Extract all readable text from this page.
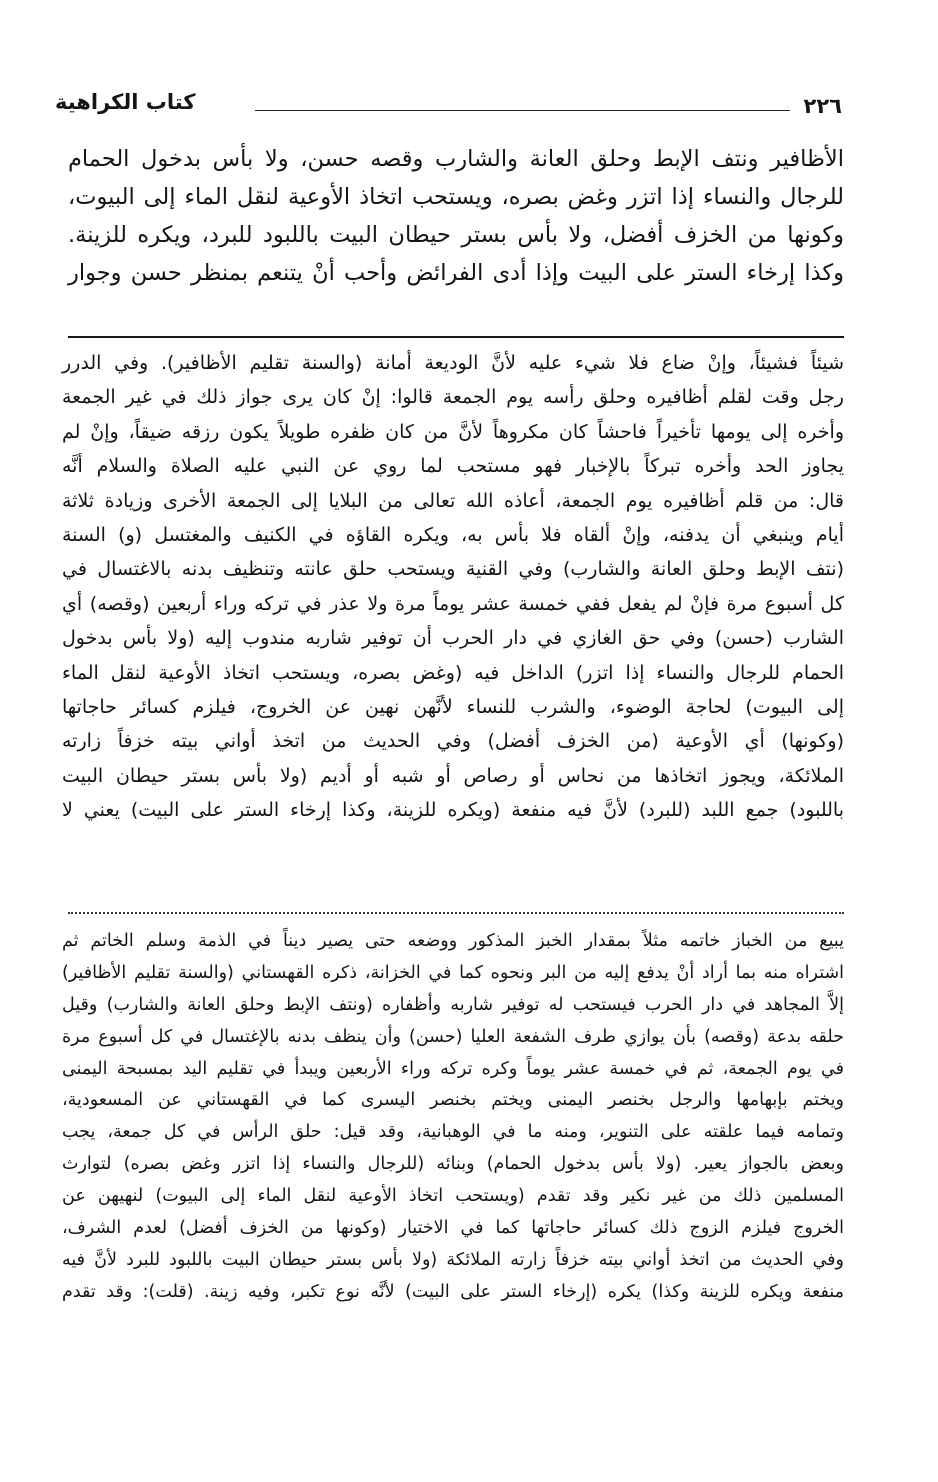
٢٢٦
كتاب الكراهية
الأظافير ونتف الإبط وحلق العانة والشارب وقصه حسن، ولا بأس بدخول الحمام
للرجال والنساء إذا اتزر وغض بصره، ويستحب اتخاذ الأوعية لنقل الماء إلى البيوت،
وكونها من الخزف أفضل، ولا بأس بستر حيطان البيت باللبود للبرد، ويكره للزينة.
وكذا إرخاء الستر على البيت وإذا أدى الفرائض وأحب أنْ يتنعم بمنظر حسن وجوار
شيئاً فشيئاً، وإنْ ضاع فلا شيء عليه لأنَّ الوديعة أمانة (والسنة تقليم الأظافير). وفي الدرر
رجل وقت لقلم أظافيره وحلق رأسه يوم الجمعة قالوا: إنْ كان يرى جواز ذلك في غير الجمعة
وأخره إلى يومها تأخيراً فاحشاً كان مكروهاً لأنَّ من كان ظفره طويلاً يكون رزقه ضيقاً، وإنْ لم
يجاوز الحد وأخره تبركاً بالإخبار فهو مستحب لما روي عن النبي عليه الصلاة والسلام أنَّه
قال: من قلم أظافيره يوم الجمعة، أعاذه الله تعالى من البلايا إلى الجمعة الأخرى وزيادة ثلاثة
أيام وينبغي أن يدفنه، وإنْ ألقاه فلا بأس به، ويكره القاؤه في الكنيف والمغتسل (و) السنة
(نتف الإبط وحلق العانة والشارب) وفي القنية ويستحب حلق عانته وتنظيف بدنه بالاغتسال في
كل أسبوع مرة فإنْ لم يفعل ففي خمسة عشر يوماً مرة ولا عذر في تركه وراء أربعين (وقصه) أي
الشارب (حسن) وفي حق الغازي في دار الحرب أن توفير شاربه مندوب إليه (ولا بأس بدخول
الحمام للرجال والنساء إذا اتزر) الداخل فيه (وغض بصره، ويستحب اتخاذ الأوعية لنقل الماء
إلى البيوت) لحاجة الوضوء، والشرب للنساء لأنَّهن نهين عن الخروج، فيلزم كسائر حاجاتها
(وكونها) أي الأوعية (من الخزف أفضل) وفي الحديث من اتخذ أواني بيته خزفاً زارته
الملائكة، ويجوز اتخاذها من نحاس أو رصاص أو شبه أو أديم (ولا بأس بستر حيطان البيت
باللبود) جمع اللبد (للبرد) لأنَّ فيه منفعة (ويكره للزينة، وكذا إرخاء الستر على البيت) يعني لا
يبيع من الخباز خاتمه مثلاً بمقدار الخبز المذكور ووضعه حتى يصير ديناً في الذمة وسلم الخاتم ثم
اشتراه منه بما أراد أنْ يدفع إليه من البر ونحوه كما في الخزانة، ذكره القهستاني (والسنة تقليم الأظافير)
إلاَّ المجاهد في دار الحرب فيستحب له توفير شاربه وأظفاره (ونتف الإبط وحلق العانة والشارب) وقيل
حلقه بدعة (وقصه) بأن يوازي طرف الشفعة العليا (حسن) وأن ينظف بدنه بالإغتسال في كل أسبوع مرة
في يوم الجمعة، ثم في خمسة عشر يوماً وكره تركه وراء الأربعين ويبدأ في تقليم اليد بمسبحة اليمنى
ويختم بإبهامها والرجل بخنصر اليمنى ويختم بخنصر اليسرى كما في القهستاني عن المسعودية،
وتمامه فيما علقته على التنوير، ومنه ما في الوهبانية، وقد قيل: حلق الرأس في كل جمعة، يجب
وبعض بالجواز يعير. (ولا بأس بدخول الحمام) وبنائه (للرجال والنساء إذا اتزر وغض بصره) لتوارث
المسلمين ذلك من غير نكير وقد تقدم (ويستحب اتخاذ الأوعية لنقل الماء إلى البيوت) لنهيهن عن
الخروج فيلزم الزوج ذلك كسائر حاجاتها كما في الاختيار (وكونها من الخزف أفضل) لعدم الشرف،
وفي الحديث من اتخذ أواني بيته خزفاً زارته الملائكة (ولا بأس بستر حيطان البيت باللبود للبرد لأنَّ فيه
منفعة ويكره للزينة وكذا) يكره (إرخاء الستر على البيت) لأنَّه نوع تكبر، وفيه زينة. (قلت): وقد تقدم
